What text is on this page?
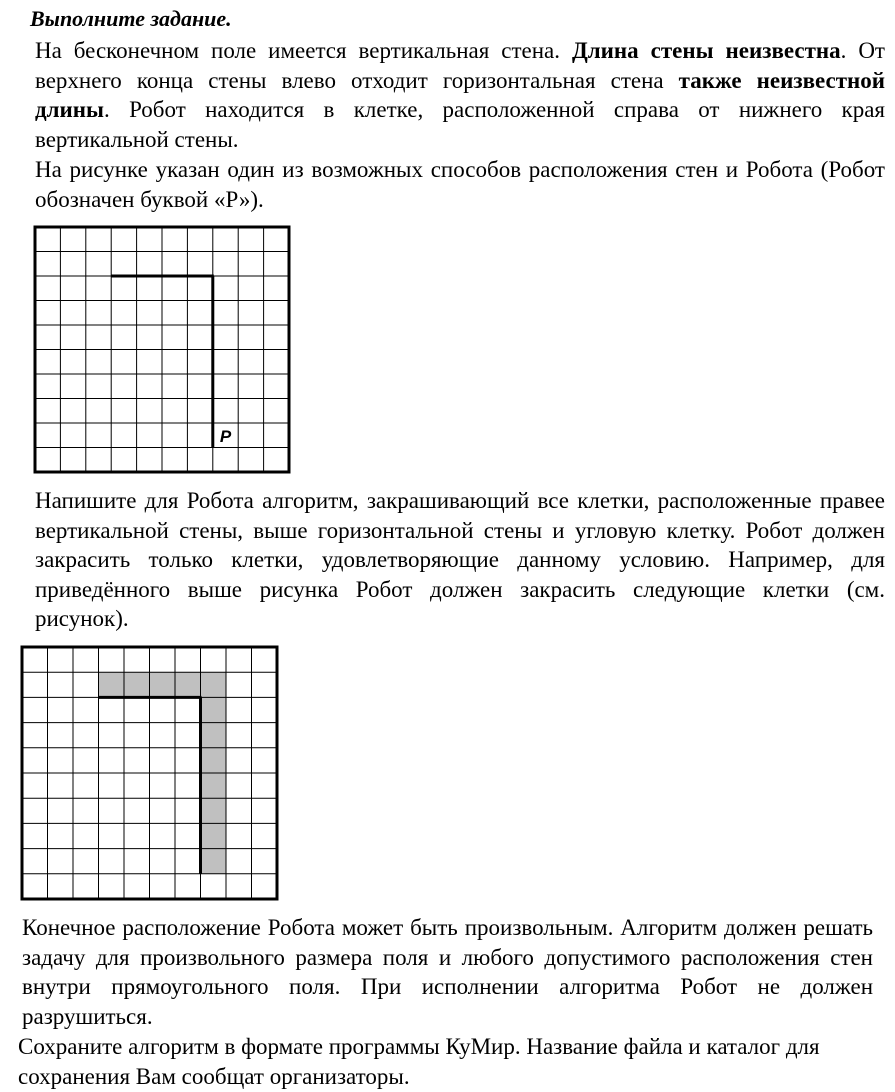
Выполните задание.
На бесконечном поле имеется вертикальная стена. Длина стены неизвестна. От верхнего конца стены влево отходит горизонтальная стена также неизвестной длины. Робот находится в клетке, расположенной справа от нижнего края вертикальной стены.
На рисунке указан один из возможных способов расположения стен и Робота (Робот обозначен буквой «Р»).
P
Напишите для Робота алгоритм, закрашивающий все клетки, расположенные правее вертикальной стены, выше горизонтальной стены и угловую клетку. Робот должен закрасить только клетки, удовлетворяющие данному условию. Например, для приведённого выше рисунка Робот должен закрасить следующие клетки (см. рисунок).
Конечное расположение Робота может быть произвольным. Алгоритм должен решать задачу для произвольного размера поля и любого допустимого расположения стен внутри прямоугольного поля. При исполнении алгоритма Робот не должен разрушиться.
Сохраните алгоритм в формате программы КуМир. Название файла и каталог для сохранения Вам сообщат организаторы.
